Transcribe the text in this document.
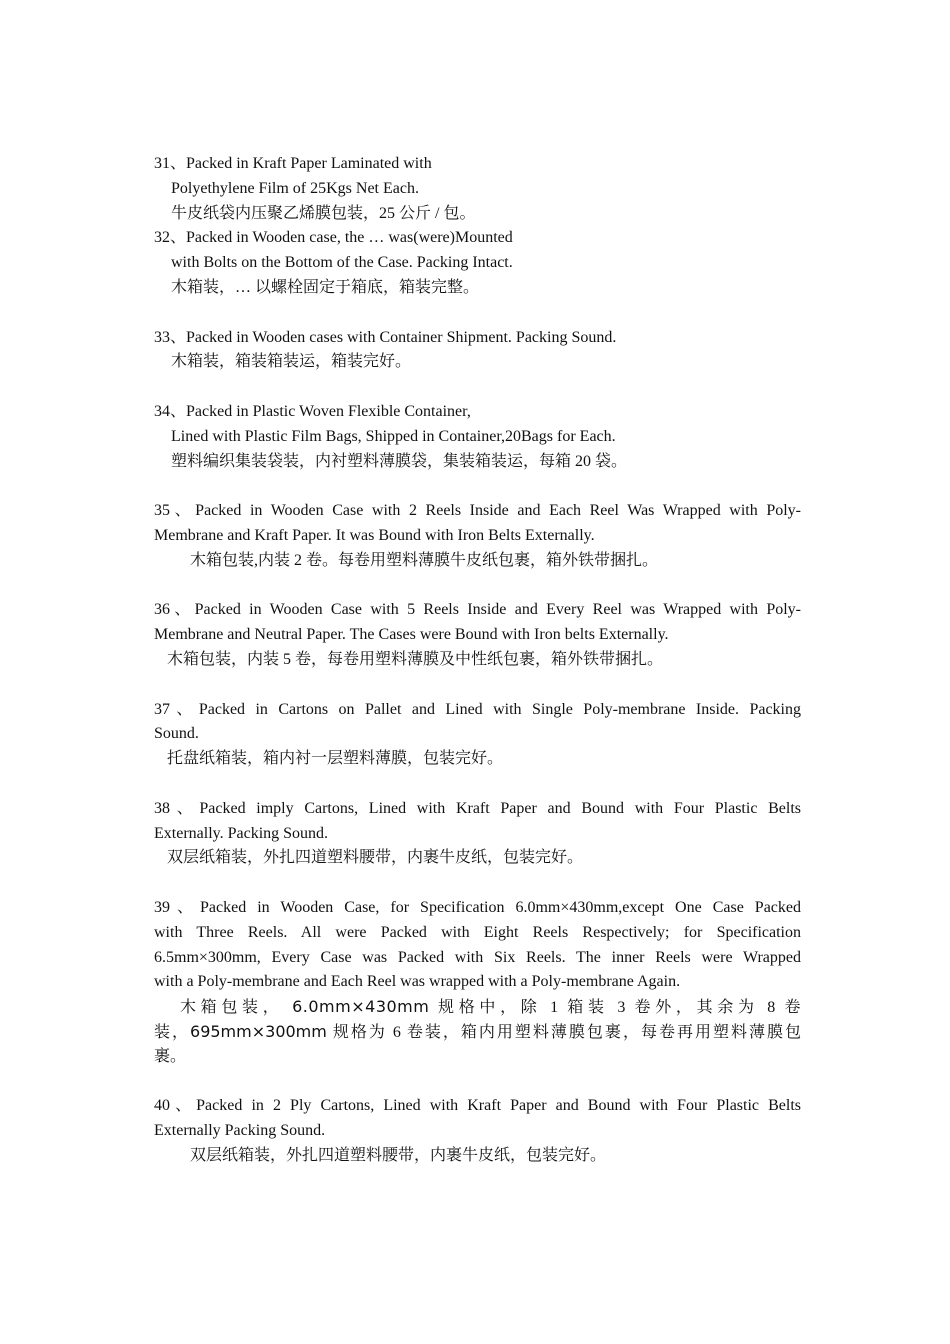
31、Packed in Kraft Paper Laminated with
Polyethylene Film of 25Kgs Net Each.
牛皮纸袋内压聚乙烯膜包装，25 公斤 / 包。
32、Packed in Wooden case, the … was(were)Mounted
with Bolts on the Bottom of the Case. Packing Intact.
木箱装，… 以螺栓固定于箱底，箱装完整。
33、Packed in Wooden cases with Container Shipment. Packing Sound.
木箱装，箱装箱装运，箱装完好。
34、Packed in Plastic Woven Flexible Container,
Lined with Plastic Film Bags, Shipped in Container,20Bags for Each.
塑料编织集装袋装，内衬塑料薄膜袋，集装箱装运，每箱 20 袋。
35、Packed in Wooden Case with 2 Reels Inside and Each Reel Was Wrapped with Poly-
Membrane and Kraft Paper. It was Bound with Iron Belts Externally.
木箱包装,内装 2 卷。每卷用塑料薄膜牛皮纸包裹，箱外铁带捆扎。
36、Packed in Wooden Case with 5 Reels Inside and Every Reel was Wrapped with Poly-
Membrane and Neutral Paper. The Cases were Bound with Iron belts Externally.
木箱包装，内装 5 卷，每卷用塑料薄膜及中性纸包裹，箱外铁带捆扎。
37、Packed in Cartons on Pallet and Lined with Single Poly-membrane Inside. Packing
Sound.
托盘纸箱装，箱内衬一层塑料薄膜，包装完好。
38、Packed imply Cartons, Lined with Kraft Paper and Bound with Four Plastic Belts
Externally. Packing Sound.
双层纸箱装，外扎四道塑料腰带，内裹牛皮纸，包装完好。
39、Packed in Wooden Case, for Specification 6.0mm×430mm,except One Case Packed
with Three Reels. All were Packed with Eight Reels Respectively; for Specification
6.5mm×300mm, Every Case was Packed with Six Reels. The inner Reels were Wrapped
with a Poly-membrane and Each Reel was wrapped with a Poly-membrane Again.
木箱包装， 6.0mm×430mm 规格中，除 1 箱装 3 卷外，其余为 8 卷
装，695mm×300mm 规格为 6 卷装，箱内用塑料薄膜包裹，每卷再用塑料薄膜包
裹。
40、Packed in 2 Ply Cartons, Lined with Kraft Paper and Bound with Four Plastic Belts
Externally Packing Sound.
双层纸箱装，外扎四道塑料腰带，内裹牛皮纸，包装完好。
